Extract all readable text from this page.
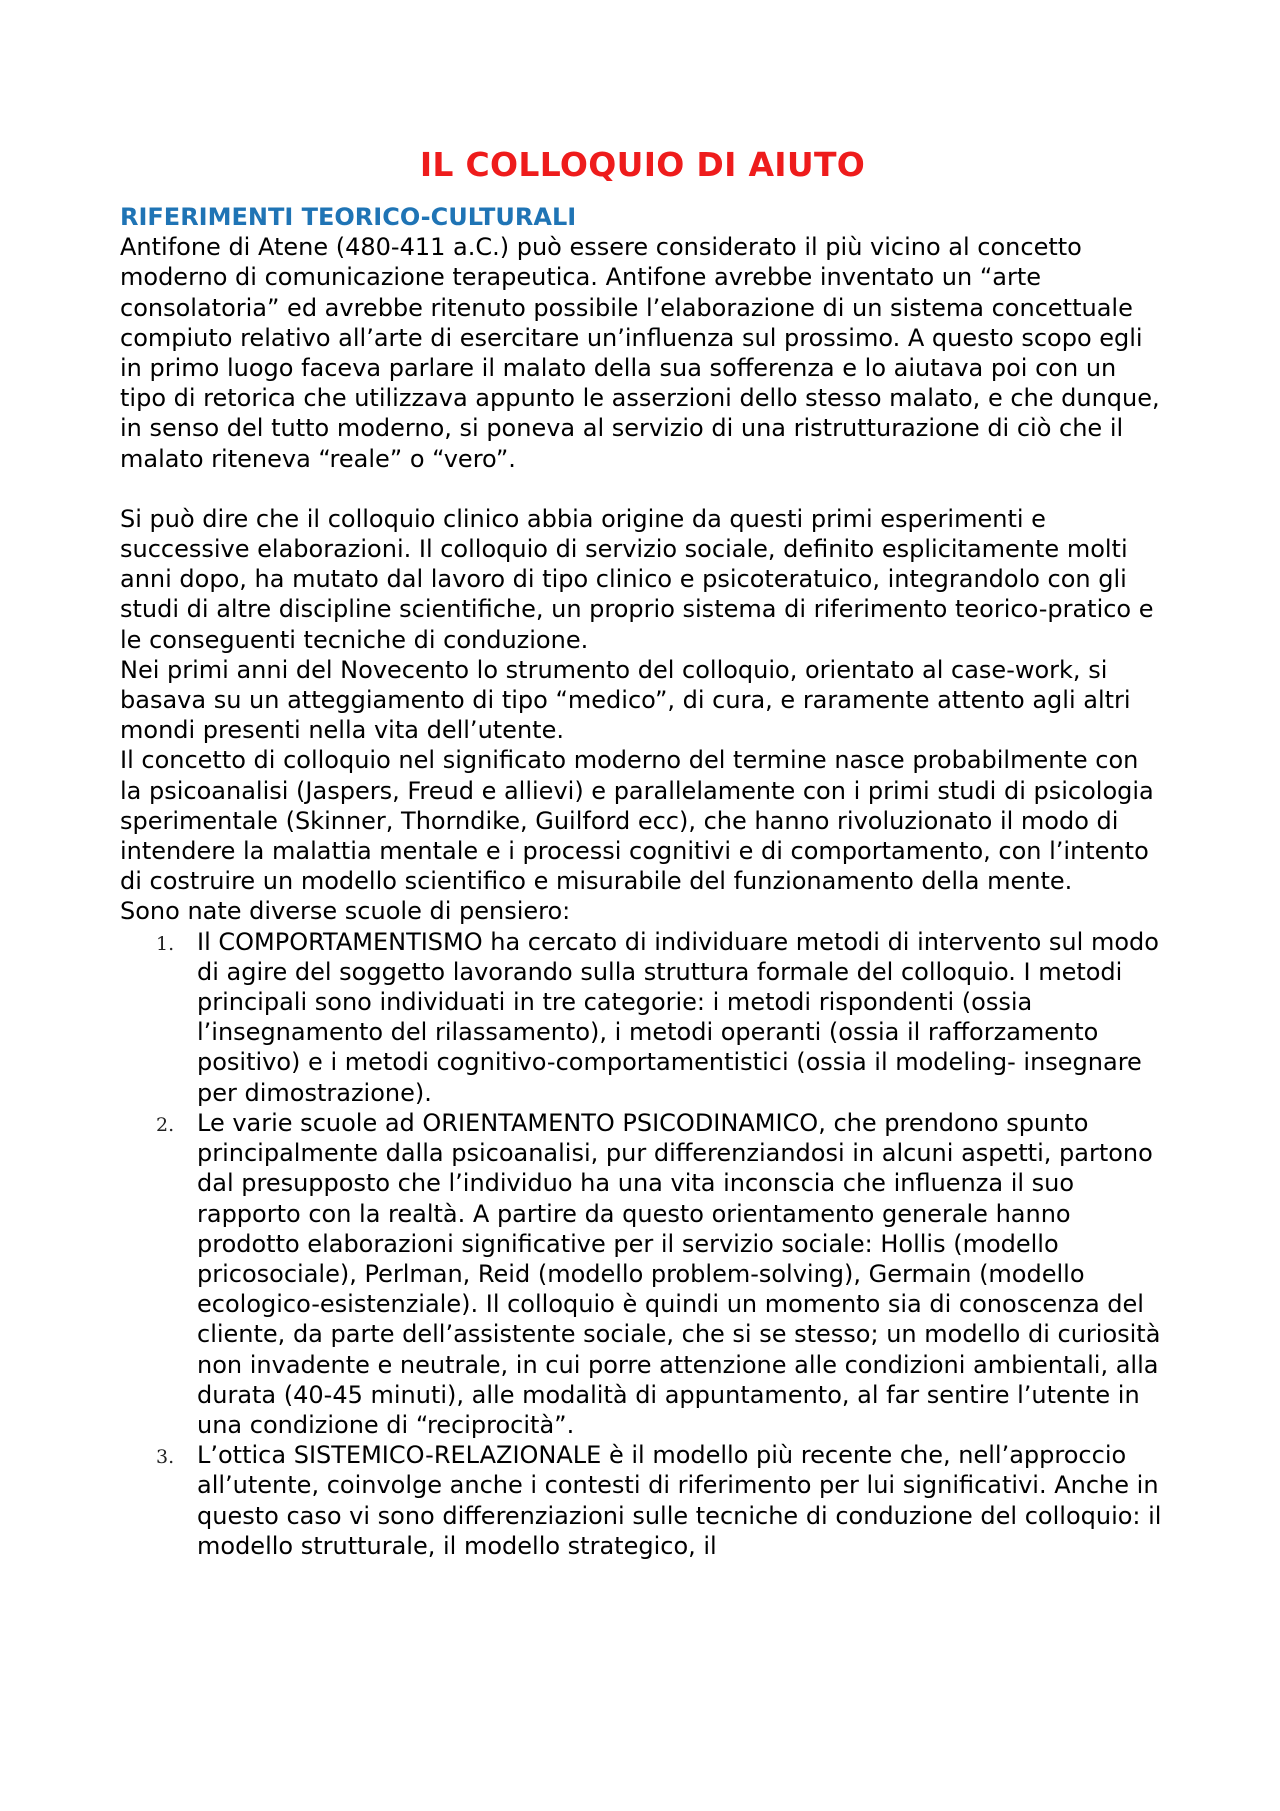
IL COLLOQUIO DI AIUTO
RIFERIMENTI TEORICO-CULTURALI

Antifone di Atene (480-411 a.C.) può essere considerato il più vicino al concetto moderno di comunicazione terapeutica. Antifone avrebbe inventato un “arte consolatoria” ed avrebbe ritenuto possibile l’elaborazione di un sistema concettuale compiuto relativo all’arte di esercitare un’influenza sul prossimo. A questo scopo egli in primo luogo faceva parlare il malato della sua sofferenza e lo aiutava poi con un tipo di retorica che utilizzava appunto le asserzioni dello stesso malato, e che dunque, in senso del tutto moderno, si poneva al servizio di una ristrutturazione di ciò che il malato riteneva “reale” o “vero”.

Si può dire che il colloquio clinico abbia origine da questi primi esperimenti e successive elaborazioni. Il colloquio di servizio sociale, definito esplicitamente molti anni dopo, ha mutato dal lavoro di tipo clinico e psicoteratuico, integrandolo con gli studi di altre discipline scientifiche, un proprio sistema di riferimento teorico-pratico e le conseguenti tecniche di conduzione.

Nei primi anni del Novecento lo strumento del colloquio, orientato al case-work, si basava su un atteggiamento di tipo “medico”, di cura, e raramente attento agli altri mondi presenti nella vita dell’utente.

Il concetto di colloquio nel significato moderno del termine nasce probabilmente con la psicoanalisi (Jaspers, Freud e allievi) e parallelamente con i primi studi di psicologia sperimentale (Skinner, Thorndike, Guilford ecc), che hanno rivoluzionato il modo di intendere la malattia mentale e i processi cognitivi e di comportamento, con l’intento di costruire un modello scientifico e misurabile del funzionamento della mente.

Sono nate diverse scuole di pensiero:

1. Il COMPORTAMENTISMO ha cercato di individuare metodi di intervento sul modo di agire del soggetto lavorando sulla struttura formale del colloquio. I metodi principali sono individuati in tre categorie: i metodi rispondenti (ossia l’insegnamento del rilassamento), i metodi operanti (ossia il rafforzamento positivo) e i metodi cognitivo-comportamentistici (ossia il modeling- insegnare per dimostrazione).
2. Le varie scuole ad ORIENTAMENTO PSICODINAMICO, che prendono spunto principalmente dalla psicoanalisi, pur differenziandosi in alcuni aspetti, partono dal presupposto che l’individuo ha una vita inconscia che influenza il suo rapporto con la realtà. A partire da questo orientamento generale hanno prodotto elaborazioni significative per il servizio sociale: Hollis (modello pricosociale), Perlman, Reid (modello problem-solving), Germain (modello ecologico-esistenziale). Il colloquio è quindi un momento sia di conoscenza del cliente, da parte dell’assistente sociale, che si se stesso; un modello di curiosità non invadente e neutrale, in cui porre attenzione alle condizioni ambientali, alla durata (40-45 minuti), alle modalità di appuntamento, al far sentire l’utente in una condizione di “reciprocità”.
3. L’ottica SISTEMICO-RELAZIONALE è il modello più recente che, nell’approccio all’utente, coinvolge anche i contesti di riferimento per lui significativi. Anche in questo caso vi sono differenziazioni sulle tecniche di conduzione del colloquio: il modello strutturale, il modello strategico, il
